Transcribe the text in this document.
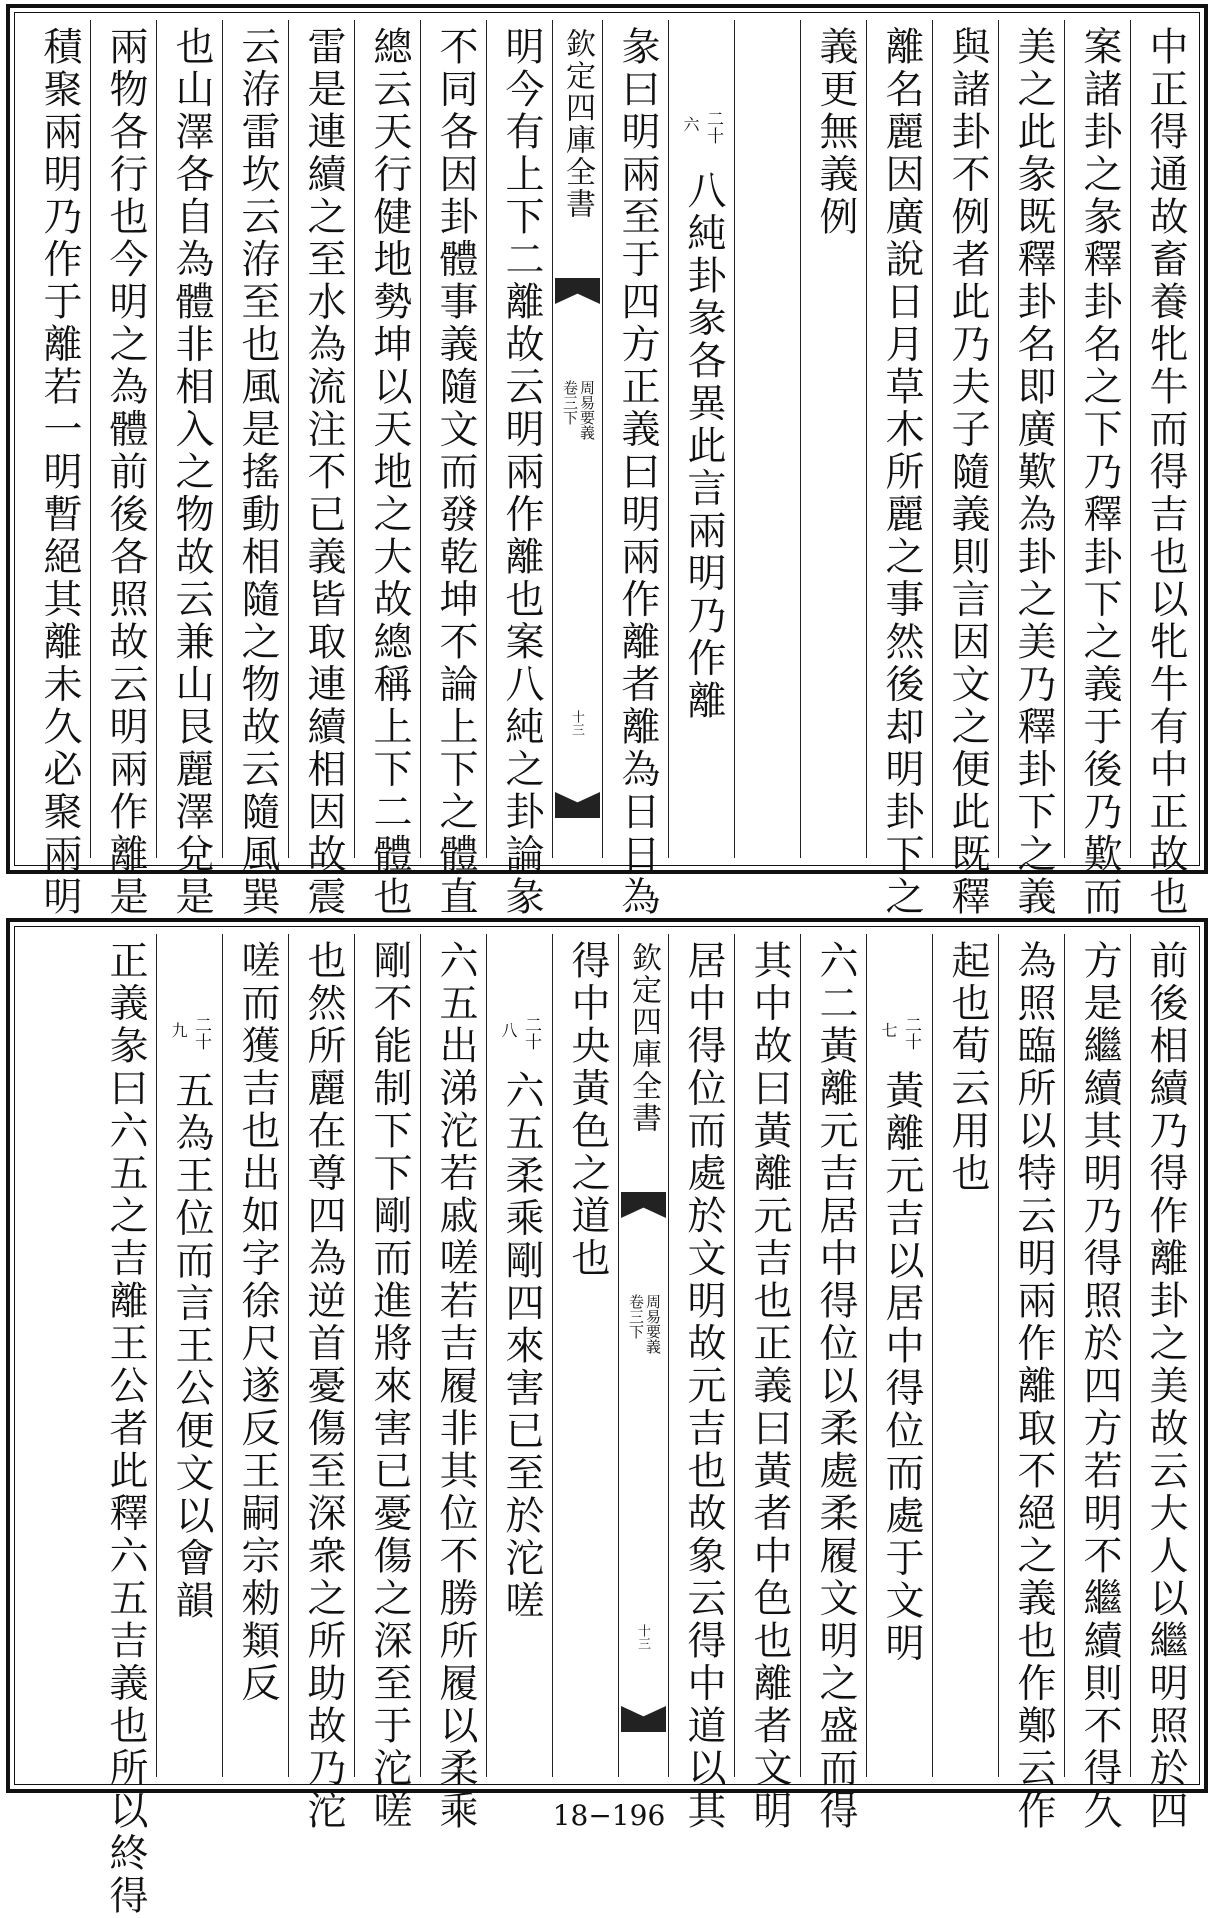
中正得通故畜養牝牛而得吉也以牝牛有中正故也
案諸卦之彖釋卦名之下乃釋卦下之義于後乃歎而
美之此彖既釋卦名即廣歎為卦之美乃釋卦下之義
與諸卦不例者此乃夫子隨義則言因文之便此既釋
離名麗因廣說日月草木所麗之事然後却明卦下之
義更無義例
二十
六
八純卦彖各異此言兩明乃作離
彖曰明兩至于四方正義曰明兩作離者離為日日為
欽定四庫全書
周易要義
卷三下
十三
明今有上下二離故云明兩作離也案八純之卦論彖
不同各因卦體事義隨文而發乾坤不論上下之體直
總云天行健地勢坤以天地之大故總稱上下二體也
雷是連續之至水為流注不已義皆取連續相因故震
云洊雷坎云洊至也風是搖動相隨之物故云隨風巽
也山澤各自為體非相入之物故云兼山艮麗澤兌是
兩物各行也今明之為體前後各照故云明兩作離是
積聚兩明乃作于離若一明暫絕其離未久必聚兩明
前後相續乃得作離卦之美故云大人以繼明照於四
方是繼續其明乃得照於四方若明不繼續則不得久
為照臨所以特云明兩作離取不絕之義也作鄭云作
起也荀云用也
二十
七
黃離元吉以居中得位而處于文明
六二黃離元吉居中得位以柔處柔履文明之盛而得
其中故曰黃離元吉也正義曰黃者中色也離者文明
居中得位而處於文明故元吉也故象云得中道以其
欽定四庫全書
周易要義
卷三下
十三
得中央黃色之道也
二十
八
六五柔乘剛四來害已至於沱嗟
六五出涕沱若戚嗟若吉履非其位不勝所履以柔乘
剛不能制下下剛而進將來害已憂傷之深至于沱嗟
也然所麗在尊四為逆首憂傷至深衆之所助故乃沱
嗟而獲吉也出如字徐尺遂反王嗣宗勑類反
二十
九
五為王位而言王公便文以會韻
正義彖曰六五之吉離王公者此釋六五吉義也所以終得	18−196
